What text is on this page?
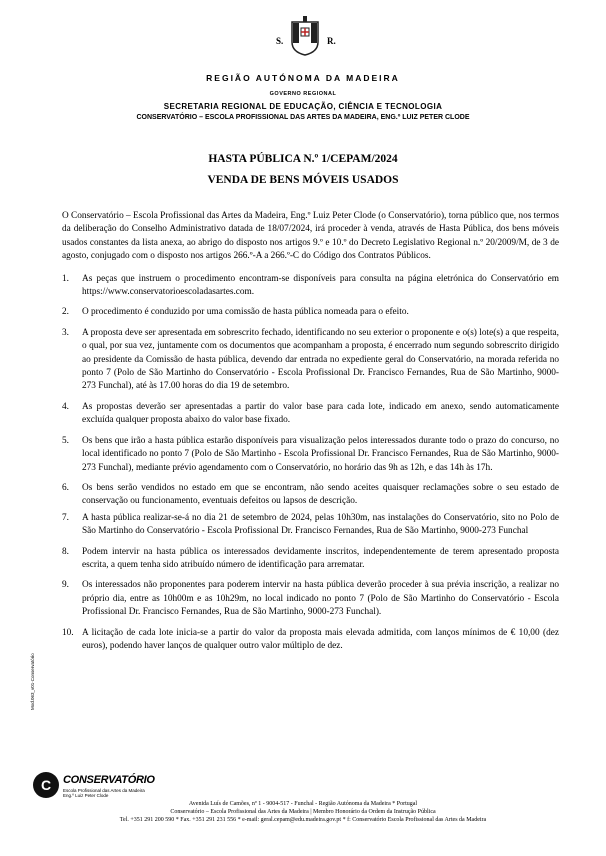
S.	R.
REGIÃO AUTÓNOMA DA MADEIRA
GOVERNO REGIONAL
SECRETARIA REGIONAL DE EDUCAÇÃO, CIÊNCIA E TECNOLOGIA
CONSERVATÓRIO – ESCOLA PROFISSIONAL DAS ARTES DA MADEIRA, ENG.º LUIZ PETER CLODE
HASTA PÚBLICA N.º 1/CEPAM/2024
VENDA DE BENS MÓVEIS USADOS

O Conservatório – Escola Profissional das Artes da Madeira, Eng.º Luiz Peter Clode (o Conservatório), torna público que, nos termos da deliberação do Conselho Administrativo datada de 18/07/2024, irá proceder à venda, através de Hasta Pública, dos bens móveis usados constantes da lista anexa, ao abrigo do disposto nos artigos 9.º e 10.º do Decreto Legislativo Regional n.º 20/2009/M, de 3 de agosto, conjugado com o disposto nos artigos 266.º-A a 266.º-C do Código dos Contratos Públicos.

1. As peças que instruem o procedimento encontram-se disponíveis para consulta na página eletrónica do Conservatório em https://www.conservatorioescoladasartes.com.
2. O procedimento é conduzido por uma comissão de hasta pública nomeada para o efeito.
3. A proposta deve ser apresentada em sobrescrito fechado, identificando no seu exterior o proponente e o(s) lote(s) a que respeita, o qual, por sua vez, juntamente com os documentos que acompanham a proposta, é encerrado num segundo sobrescrito dirigido ao presidente da Comissão de hasta pública, devendo dar entrada no expediente geral do Conservatório, na morada referida no ponto 7 (Polo de São Martinho do Conservatório - Escola Profissional Dr. Francisco Fernandes, Rua de São Martinho, 9000-273 Funchal), até às 17.00 horas do dia 19 de setembro.
4. As propostas deverão ser apresentadas a partir do valor base para cada lote, indicado em anexo, sendo automaticamente excluída qualquer proposta abaixo do valor base fixado.
5. Os bens que irão a hasta pública estarão disponíveis para visualização pelos interessados durante todo o prazo do concurso, no local identificado no ponto 7 (Polo de São Martinho - Escola Profissional Dr. Francisco Fernandes, Rua de São Martinho, 9000-273 Funchal), mediante prévio agendamento com o Conservatório, no horário das 9h as 12h, e das 14h às 17h.
6. Os bens serão vendidos no estado em que se encontram, não sendo aceites quaisquer reclamações sobre o seu estado de conservação ou funcionamento, eventuais defeitos ou lapsos de descrição.
7. A hasta pública realizar-se-á no dia 21 de setembro de 2024, pelas 10h30m, nas instalações do Conservatório, sito no Polo de São Martinho do Conservatório - Escola Profissional Dr. Francisco Fernandes, Rua de São Martinho, 9000-273 Funchal
8. Podem intervir na hasta pública os interessados devidamente inscritos, independentemente de terem apresentado proposta escrita, a quem tenha sido atribuído número de identificação para arrematar.
9. Os interessados não proponentes para poderem intervir na hasta pública deverão proceder à sua prévia inscrição, a realizar no próprio dia, entre as 10h00m e as 10h29m, no local indicado no ponto 7 (Polo de São Martinho do Conservatório - Escola Profissional Dr. Francisco Fernandes, Rua de São Martinho, 9000-273 Funchal).
10. A licitação de cada lote inicia-se a partir do valor da proposta mais elevada admitida, com lanços mínimos de € 10,00 (dez euros), podendo haver lanços de qualquer outro valor múltiplo de dez.
Mod.063_v01-Conservatório
C	CONSERVATÓRIO
Escola Profissional das Artes da Madeira
Eng.º Luiz Peter Clode
Avenida Luís de Camões, nº 1 - 9004-517 - Funchal - Região Autónoma da Madeira * Portugal
Conservatório – Escola Profissional das Artes da Madeira | Membro Honorário da Ordem da Instrução Pública
Tel. +351 291 200 590 * Fax. +351 291 231 556 * e-mail: geral.cepam@edu.madeira.gov.pt * f: Conservatório Escola Profissional das Artes da Madeira
